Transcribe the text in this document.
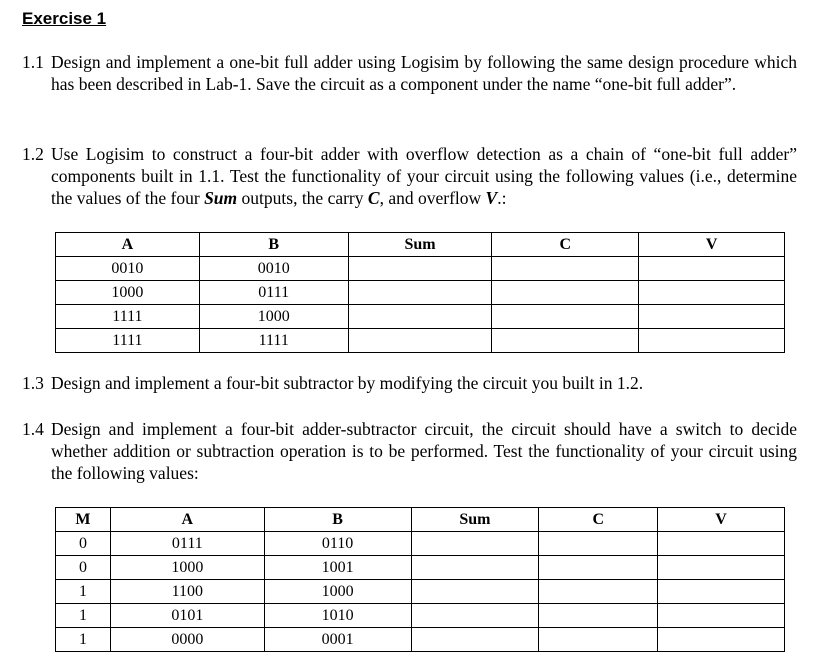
Exercise 1
1.1 Design and implement a one-bit full adder using Logisim by following the same design procedure which has been described in Lab-1. Save the circuit as a component under the name “one-bit full adder”.
1.2 Use Logisim to construct a four-bit adder with overflow detection as a chain of “one-bit full adder” components built in 1.1. Test the functionality of your circuit using the following values (i.e., determine the values of the four Sum outputs, the carry C, and overflow V.:
A	B	Sum	C	V
0010	0010			
1000	0111			
1111	1000			
1111	1111			
1.3 Design and implement a four-bit subtractor by modifying the circuit you built in 1.2.
1.4 Design and implement a four-bit adder-subtractor circuit, the circuit should have a switch to decide whether addition or subtraction operation is to be performed. Test the functionality of your circuit using the following values:
M	A	B	Sum	C	V
0	0111	0110			
0	1000	1001			
1	1100	1000			
1	0101	1010			
1	0000	0001			
